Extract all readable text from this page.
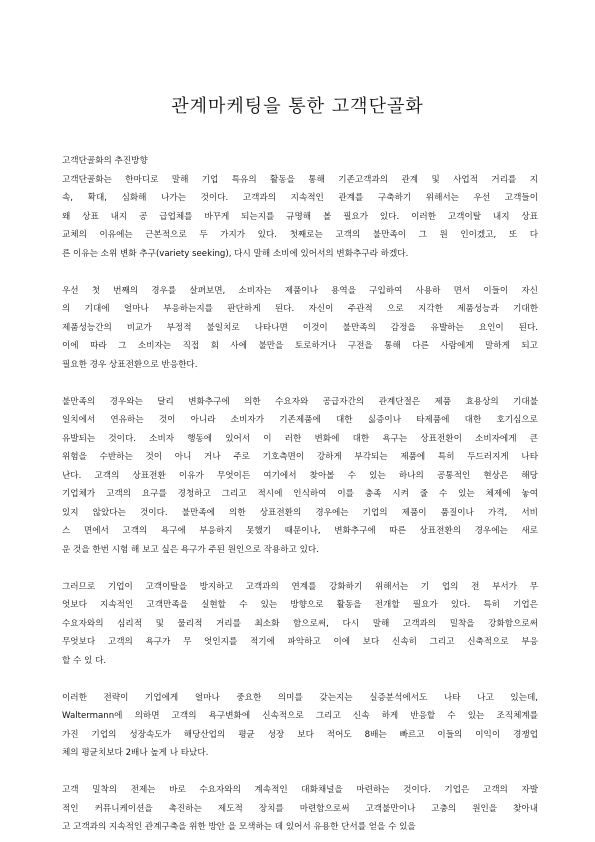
관계마케팅을 통한 고객단골화
고객단골화의 추진방향
고객단골화는 한마디로 말해 기업 특유의 활동을 통해 기존고객과의 관계 및 사업적 거리를 지
속, 확대, 심화해 나가는 것이다. 고객과의 지속적인 관계를 구축하기 위해서는 우선 고객들이
왜 상표 내지 공 급업체를 바꾸게 되는지를 규명해 볼 필요가 있다. 이러한 고객이탈 내지 상표
교체의 이유에는 근본적으로 두 가지가 있다. 첫째로는 고객의 불만족이 그 원 인이겠고, 또 다
른 이유는 소위 변화 추구(variety seeking), 다시 말해 소비에 있어서의 변화추구라 하겠다.
우선 첫 번째의 경우를 살펴보면, 소비자는 제품이나 용역을 구입하여 사용하 면서 이들이 자신
의 기대에 얼마나 부응하는지를 판단하게 된다. 자신이 주관적 으로 지각한 제품성능과 기대한
제품성능간의 비교가 부정적 불일치로 나타나면 이것이 불만족의 감정을 유발하는 요인이 된다.
이에 따라 그 소비자는 직접 회 사에 불만을 토로하거나 구전을 통해 다른 사람에게 말하게 되고
필요한 경우 상표전환으로 반응한다.
불만족의 경우와는 달리 변화추구에 의한 수요자와 공급자간의 관계단절은 제품 효용상의 기대불
일치에서 연유하는 것이 아니라 소비자가 기존제품에 대한 싫증이나 타제품에 대한 호기심으로
유발되는 것이다. 소비자 행동에 있어서 이 러한 변화에 대한 욕구는 상표전환이 소비자에게 큰
위험을 수반하는 것이 아니 거나 주로 기호측면이 강하게 부각되는 제품에 특히 두드러지게 나타
난다. 고객의 상표전환 이유가 무엇이든 여기에서 찾아볼 수 있는 하나의 공통적인 현상은 해당
기업체가 고객의 요구를 경청하고 그리고 적시에 인식하여 이를 충족 시켜 줄 수 있는 체제에 놓여
있지 않았다는 것이다. 불만족에 의한 상표전환의 경우에는 기업의 제품이 품질이나 가격, 서비
스 면에서 고객의 욕구에 부응하지 못했기 때문이나, 변화추구에 따른 상표전환의 경우에는 새로
운 것을 한번 시험 해 보고 싶은 욕구가 주된 원인으로 작용하고 있다.
그러므로 기업이 고객이탈을 방지하고 고객과의 연계를 강화하기 위해서는 기 업의 전 부서가 무
엇보다 지속적인 고객만족을 실현할 수 있는 방향으로 활동을 전개할 필요가 있다. 특히 기업은
수요자와의 심리적 및 물리적 거리를 최소화 함으로써, 다시 말해 고객과의 밀착을 강화함으로써
무엇보다 고객의 욕구가 무 엇인지를 적기에 파악하고 이에 보다 신속히 그리고 신축적으로 부응
할 수 있 다.
이러한 전략이 기업에게 얼마나 중요한 의미를 갖는지는 실증분석에서도 나타 나고 있는데,
Waltermann에 의하면 고객의 욕구변화에 신속적으로 그리고 신속 하게 반응할 수 있는 조직체계를
가진 기업의 성장속도가 해당산업의 평균 성장 보다 적어도 8배는 빠르고 이들의 이익이 경쟁업
체의 평균치보다 2배나 높게 나 타났다.
고객 밀착의 전제는 바로 수요자와의 계속적인 대화채널을 마련하는 것이다. 기업은 고객의 자발
적인 커뮤니케이션을 촉진하는 제도적 장치를 마련함으로써 고객불만이나 고충의 원인을 찾아내
고 고객과의 지속적인 관계구축을 위한 방안 을 모색하는 데 있어서 유용한 단서를 얻을 수 있을
